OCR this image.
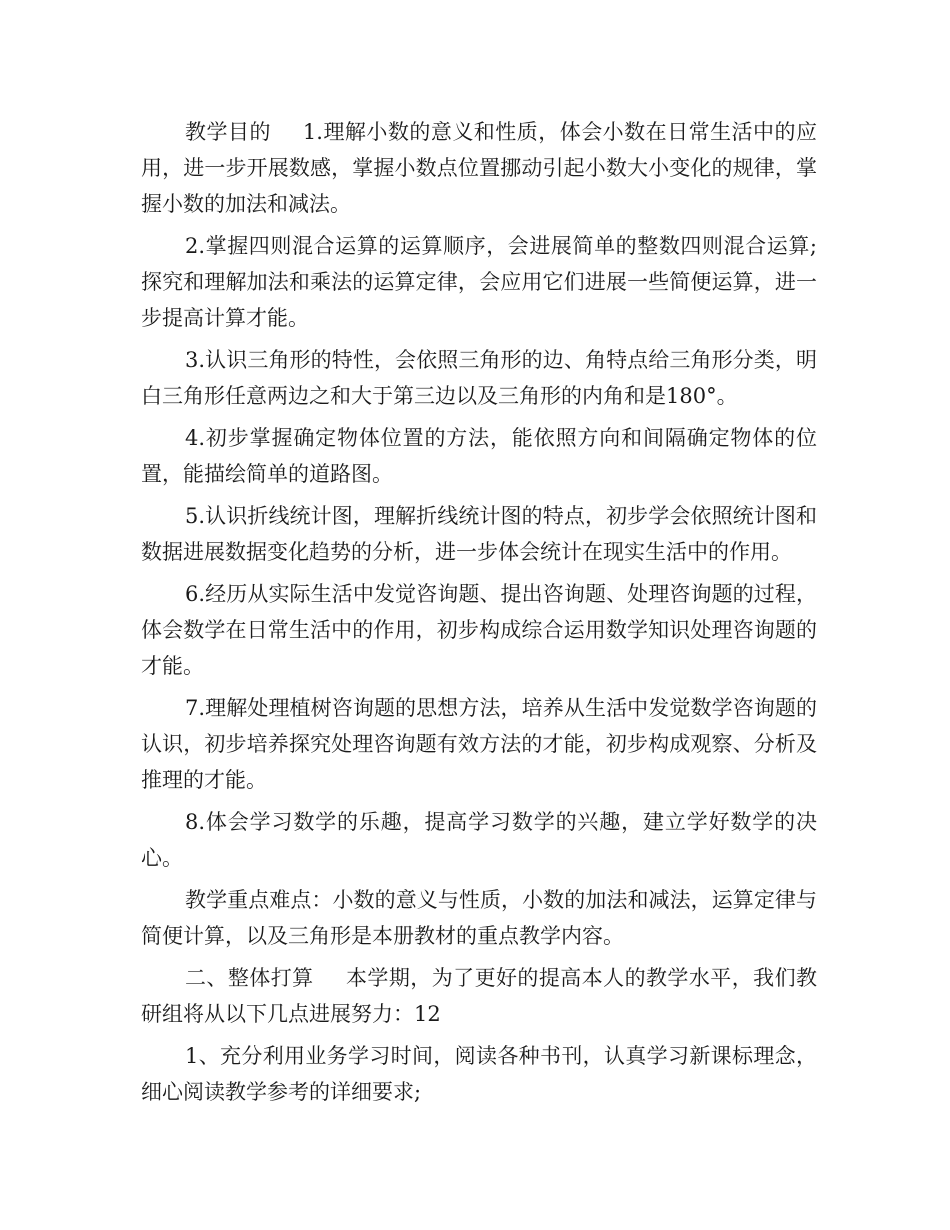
教学目的 1.理解小数的意义和性质，体会小数在日常生活中的应用，进一步开展数感，掌握小数点位置挪动引起小数大小变化的规律，掌握小数的加法和减法。

2.掌握四则混合运算的运算顺序，会进展简单的整数四则混合运算;探究和理解加法和乘法的运算定律，会应用它们进展一些简便运算，进一步提高计算才能。

3.认识三角形的特性，会依照三角形的边、角特点给三角形分类，明白三角形任意两边之和大于第三边以及三角形的内角和是180°。

4.初步掌握确定物体位置的方法，能依照方向和间隔确定物体的位置，能描绘简单的道路图。

5.认识折线统计图，理解折线统计图的特点，初步学会依照统计图和数据进展数据变化趋势的分析，进一步体会统计在现实生活中的作用。

6.经历从实际生活中发觉咨询题、提出咨询题、处理咨询题的过程，体会数学在日常生活中的作用，初步构成综合运用数学知识处理咨询题的才能。

7.理解处理植树咨询题的思想方法，培养从生活中发觉数学咨询题的认识，初步培养探究处理咨询题有效方法的才能，初步构成观察、分析及推理的才能。

8.体会学习数学的乐趣，提高学习数学的兴趣，建立学好数学的决心。

教学重点难点：小数的意义与性质，小数的加法和减法，运算定律与简便计算，以及三角形是本册教材的重点教学内容。

二、整体打算 本学期，为了更好的提高本人的教学水平，我们教研组将从以下几点进展努力：12

1、充分利用业务学习时间，阅读各种书刊，认真学习新课标理念，细心阅读教学参考的详细要求;
